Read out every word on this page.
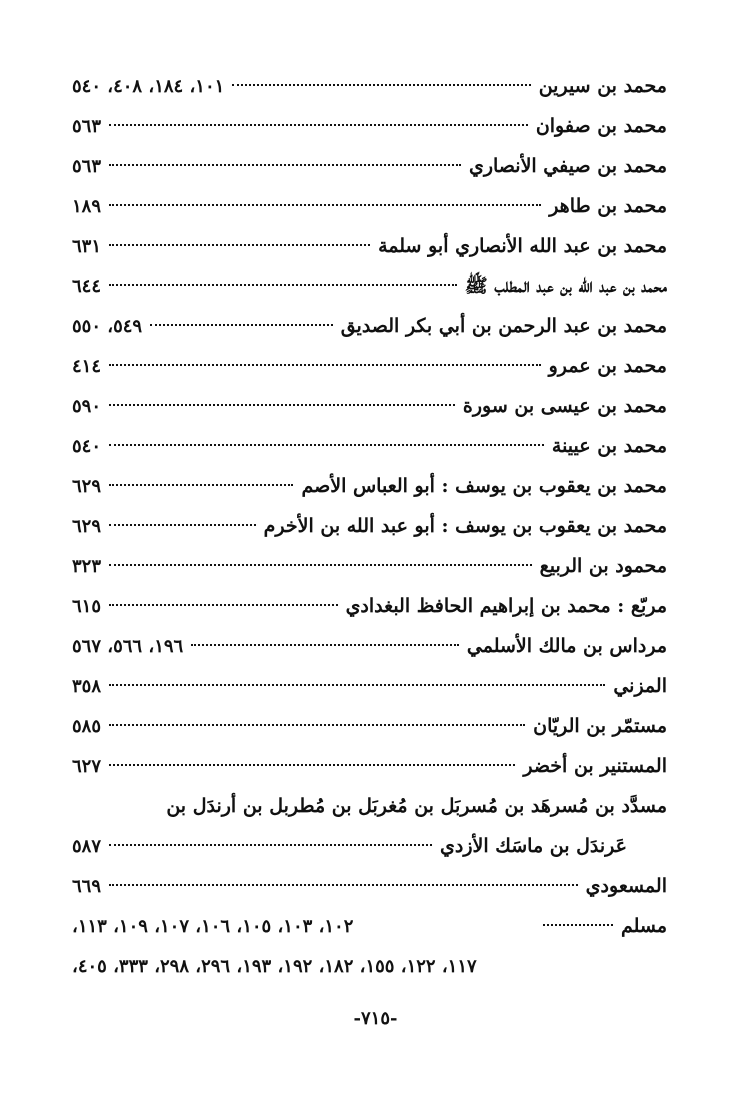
محمد بن سيرين
١٠١، ١٨٤، ٤٠٨، ٥٤٠
محمد بن صفوان
٥٦٣
محمد بن صيفي الأنصاري
٥٦٣
محمد بن طاهر
١٨٩
محمد بن عبد الله الأنصاري أبو سلمة
٦٣١
محمد بن عبد الله بن عبد المطلب ﷺ
٦٤٤
محمد بن عبد الرحمن بن أبي بكر الصديق
٥٤٩، ٥٥٠
محمد بن عمرو
٤١٤
محمد بن عيسى بن سورة
٥٩٠
محمد بن عيينة
٥٤٠
محمد بن يعقوب بن يوسف : أبو العباس الأصم
٦٢٩
محمد بن يعقوب بن يوسف : أبو عبد الله بن الأخرم
٦٢٩
محمود بن الربيع
٣٢٣
مربّع : محمد بن إبراهيم الحافظ البغدادي
٦١٥
مرداس بن مالك الأسلمي
١٩٦، ٥٦٦، ٥٦٧
المزني
٣٥٨
مستمّر بن الريّان
٥٨٥
المستنير بن أخضر
٦٢٧
مسدَّد بن مُسرهَد بن مُسربَل بن مُغربَل بن مُطربل بن أرندَل بن
عَرندَل بن ماسَك الأزدي
٥٨٧
المسعودي
٦٦٩
مسلم
١٠٢، ١٠٣، ١٠٥، ١٠٦، ١٠٧، ١٠٩، ١١٣،
١١٧، ١٢٢، ١٥٥، ١٨٢، ١٩٢، ١٩٣، ٢٩٦، ٢٩٨، ٣٣٣، ٤٠٥،
-٧١٥-
